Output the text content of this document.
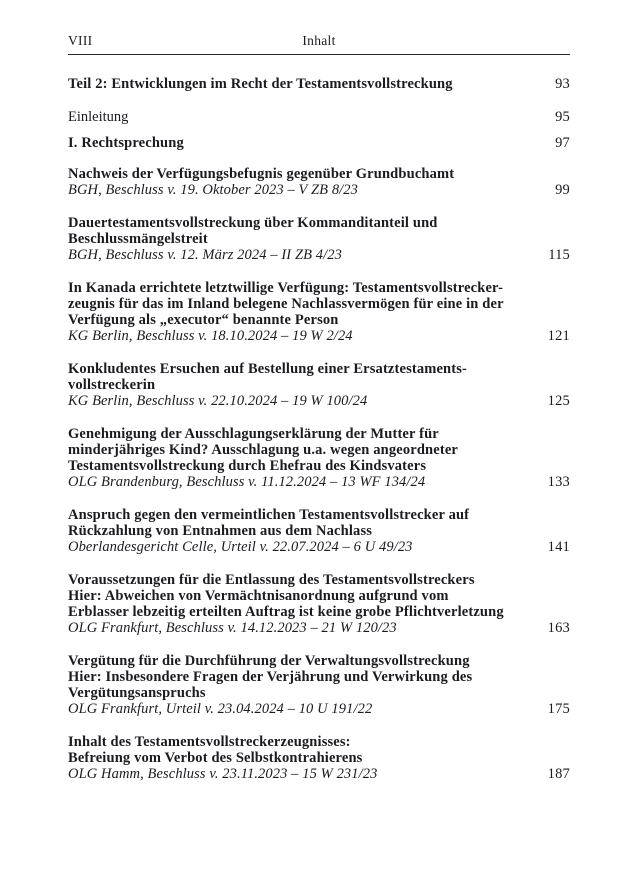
VIII	Inhalt
Teil 2: Entwicklungen im Recht der Testamentsvollstreckung	93
Einleitung	95
I. Rechtsprechung	97
Nachweis der Verfügungsbefugnis gegenüber Grundbuchamt
BGH, Beschluss v. 19. Oktober 2023 – V ZB 8/23	99
Dauertestamentsvollstreckung über Kommanditanteil und
Beschlussmängelstreit
BGH, Beschluss v. 12. März 2024 – II ZB 4/23	115
In Kanada errichtete letztwillige Verfügung: Testamentsvollstrecker-
zeugnis für das im Inland belegene Nachlassvermögen für eine in der
Verfügung als „executor“ benannte Person
KG Berlin, Beschluss v. 18.10.2024 – 19 W 2/24	121
Konkludentes Ersuchen auf Bestellung einer Ersatztestaments-
vollstreckerin
KG Berlin, Beschluss v. 22.10.2024 – 19 W 100/24	125
Genehmigung der Ausschlagungserklärung der Mutter für
minderjähriges Kind? Ausschlagung u.a. wegen angeordneter
Testamentsvollstreckung durch Ehefrau des Kindsvaters
OLG Brandenburg, Beschluss v. 11.12.2024 – 13 WF 134/24	133
Anspruch gegen den vermeintlichen Testamentsvollstrecker auf
Rückzahlung von Entnahmen aus dem Nachlass
Oberlandesgericht Celle, Urteil v. 22.07.2024 – 6 U 49/23	141
Voraussetzungen für die Entlassung des Testamentsvollstreckers
Hier: Abweichen von Vermächtnisanordnung aufgrund vom
Erblasser lebzeitig erteilten Auftrag ist keine grobe Pflichtverletzung
OLG Frankfurt, Beschluss v. 14.12.2023 – 21 W 120/23	163
Vergütung für die Durchführung der Verwaltungsvollstreckung
Hier: Insbesondere Fragen der Verjährung und Verwirkung des
Vergütungsanspruchs
OLG Frankfurt, Urteil v. 23.04.2024 – 10 U 191/22	175
Inhalt des Testamentsvollstreckerzeugnisses:
Befreiung vom Verbot des Selbstkontrahierens
OLG Hamm, Beschluss v. 23.11.2023 – 15 W 231/23	187
